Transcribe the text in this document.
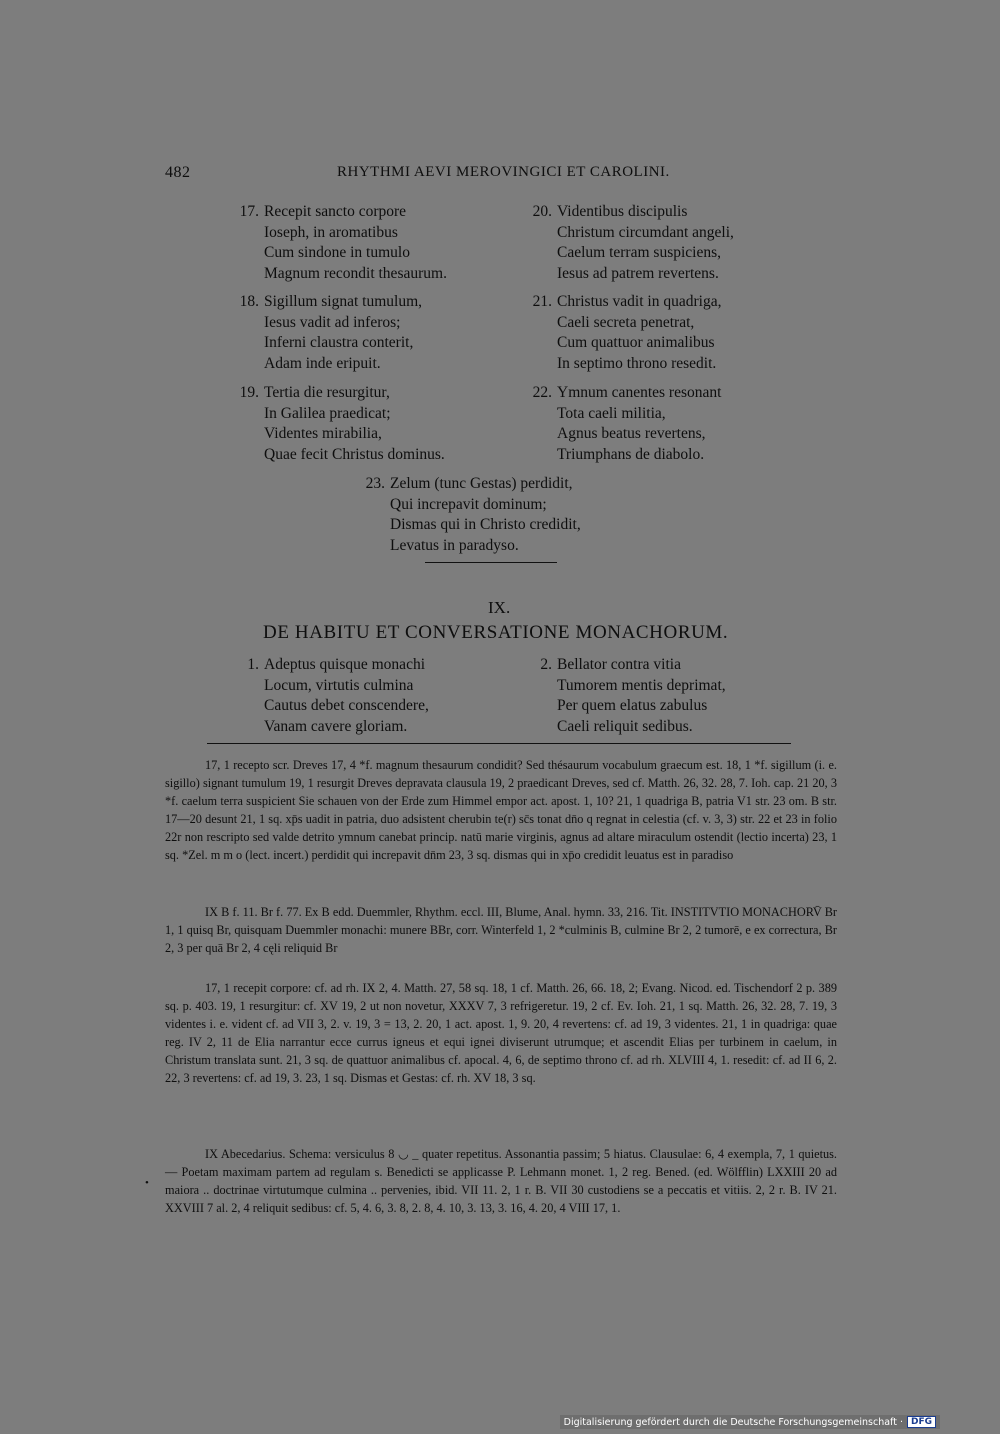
482	RHYTHMI AEVI MEROVINGICI ET CAROLINI.
17. Recepit sancto corpore
Ioseph, in aromatibus
Cum sindone in tumulo
Magnum recondit thesaurum.
18. Sigillum signat tumulum,
Iesus vadit ad inferos;
Inferni claustra conterit,
Adam inde eripuit.
19. Tertia die resurgitur,
In Galilea praedicat;
Videntes mirabilia,
Quae fecit Christus dominus.
20. Videntibus discipulis
Christum circumdant angeli,
Caelum terram suspiciens,
Iesus ad patrem revertens.
21. Christus vadit in quadriga,
Caeli secreta penetrat,
Cum quattuor animalibus
In septimo throno resedit.
22. Ymnum canentes resonant
Tota caeli militia,
Agnus beatus revertens,
Triumphans de diabolo.
23. Zelum (tunc Gestas) perdidit,
Qui increpavit dominum;
Dismas qui in Christo credidit,
Levatus in paradyso.
IX.
DE HABITU ET CONVERSATIONE MONACHORUM.
1. Adeptus quisque monachi
Locum, virtutis culmina
Cautus debet conscendere,
Vanam cavere gloriam.
2. Bellator contra vitia
Tumorem mentis deprimat,
Per quem elatus zabulus
Caeli reliquit sedibus.

17, 1 recepto scr. Dreves 17, 4 *f. magnum thesaurum condidit? Sed thésaurum vocabulum graecum est. 18, 1 *f. sigillum (i. e. sigillo) signant tumulum 19, 1 resurgit Dreves depravata clausula 19, 2 praedicant Dreves, sed cf. Matth. 26, 32. 28, 7. Ioh. cap. 21 20, 3 *f. caelum terra suspicient Sie schauen von der Erde zum Himmel empor act. apost. 1, 10? 21, 1 quadriga B, patria V1 str. 23 om. B str. 17—20 desunt 21, 1 sq. xp̄s uadit in patria, duo adsistent cherubin te(r) sc̄s tonat dn̄o q regnat in celestia (cf. v. 3, 3) str. 22 et 23 in folio 22r non rescripto sed valde detrito ymnum canebat princip. natū marie virginis, agnus ad altare miraculum ostendit (lectio incerta) 23, 1 sq. *Zel. m m o (lect. incert.) perdidit qui increpavit dn̄m 23, 3 sq. dismas qui in xp̄o credidit leuatus est in paradiso

IX B f. 11. Br f. 77. Ex B edd. Duemmler, Rhythm. eccl. III, Blume, Anal. hymn. 33, 216. Tit. INSTITVTIO MONACHORV̄ Br 1, 1 quisq Br, quisquam Duemmler monachi: munere BBr, corr. Winterfeld 1, 2 *culminis B, culmine Br 2, 2 tumorē, e ex correctura, Br 2, 3 per quā Br 2, 4 cęli reliquid Br

17, 1 recepit corpore: cf. ad rh. IX 2, 4. Matth. 27, 58 sq. 18, 1 cf. Matth. 26, 66. 18, 2; Evang. Nicod. ed. Tischendorf 2 p. 389 sq. p. 403. 19, 1 resurgitur: cf. XV 19, 2 ut non novetur, XXXV 7, 3 refrigeretur. 19, 2 cf. Ev. Ioh. 21, 1 sq. Matth. 26, 32. 28, 7. 19, 3 videntes i. e. vident cf. ad VII 3, 2. v. 19, 3 = 13, 2. 20, 1 act. apost. 1, 9. 20, 4 revertens: cf. ad 19, 3 videntes. 21, 1 in quadriga: quae reg. IV 2, 11 de Elia narrantur ecce currus igneus et equi ignei diviserunt utrumque; et ascendit Elias per turbinem in caelum, in Christum translata sunt. 21, 3 sq. de quattuor animalibus cf. apocal. 4, 6, de septimo throno cf. ad rh. XLVIII 4, 1. resedit: cf. ad II 6, 2. 22, 3 revertens: cf. ad 19, 3. 23, 1 sq. Dismas et Gestas: cf. rh. XV 18, 3 sq.

IX Abecedarius. Schema: versiculus 8 ◡ _ quater repetitus. Assonantia passim; 5 hiatus. Clausulae: 6, 4 exempla, 7, 1 quietus. — Poetam maximam partem ad regulam s. Benedicti se applicasse P. Lehmann monet. 1, 2 reg. Bened. (ed. Wölfflin) LXXIII 20 ad maiora .. doctrinae virtutumque culmina .. pervenies, ibid. VII 11. 2, 1 r. B. VII 30 custodiens se a peccatis et vitiis. 2, 2 r. B. IV 21. XXVIII 7 al. 2, 4 reliquit sedibus: cf. 5, 4. 6, 3. 8, 2. 8, 4. 10, 3. 13, 3. 16, 4. 20, 4 VIII 17, 1.

•
Digitalisierung gefördert durch die Deutsche Forschungsgemeinschaft · DFG
